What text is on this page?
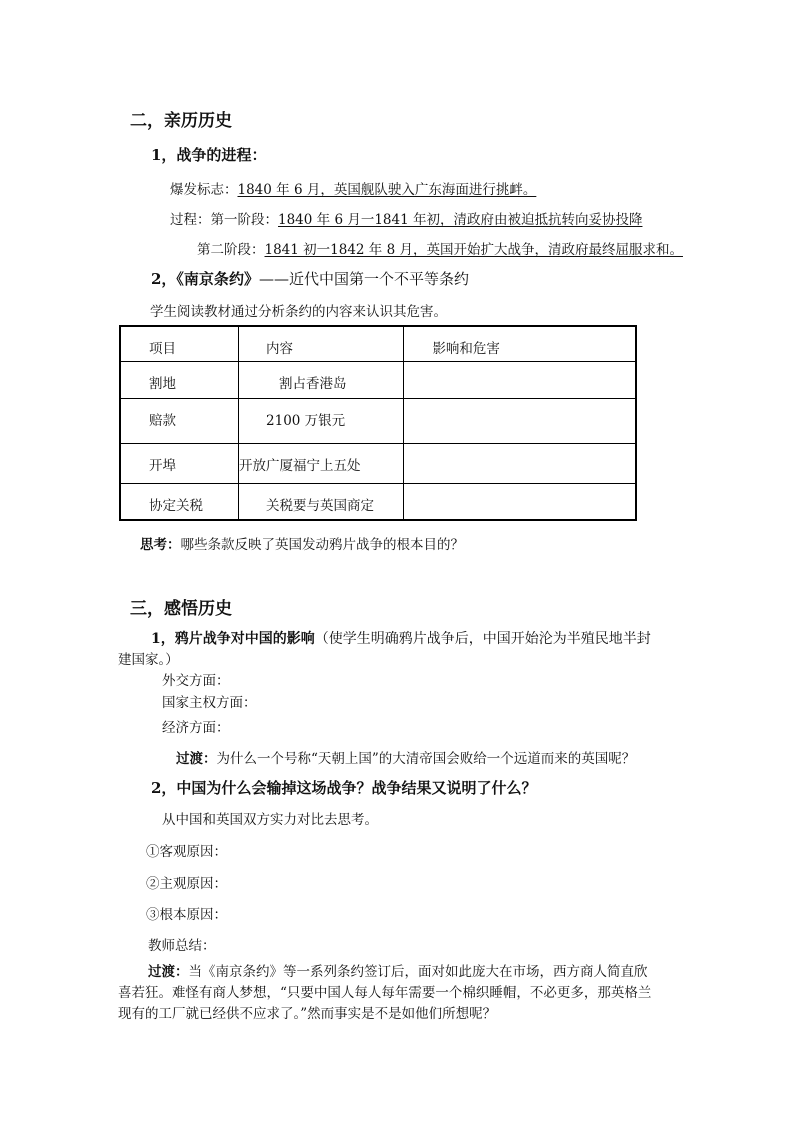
二，亲历历史
1，战争的进程：
爆发标志：1840 年 6 月，英国舰队驶入广东海面进行挑衅。
过程：第一阶段：1840 年 6 月一1841 年初，清政府由被迫抵抗转向妥协投降
第二阶段：1841 初一1842 年 8 月，英国开始扩大战争，清政府最终屈服求和。
2，《南京条约》——近代中国第一个不平等条约
学生阅读教材通过分析条约的内容来认识其危害。
项目	内容	影响和危害
割地	割占香港岛	
赔款	2100 万银元	
开埠	开放广厦福宁上五处	
协定关税	关税要与英国商定	
思考：哪些条款反映了英国发动鸦片战争的根本目的？
三，感悟历史
1，鸦片战争对中国的影响（使学生明确鸦片战争后，中国开始沦为半殖民地半封
建国家。）
外交方面：
国家主权方面：
经济方面：
过渡：为什么一个号称“天朝上国”的大清帝国会败给一个远道而来的英国呢？
2，中国为什么会输掉这场战争？战争结果又说明了什么？
从中国和英国双方实力对比去思考。
①客观原因：
②主观原因：
③根本原因：
教师总结：
过渡：当《南京条约》等一系列条约签订后，面对如此庞大在市场，西方商人简直欣
喜若狂。难怪有商人梦想，“只要中国人每人每年需要一个棉织睡帽，不必更多，那英格兰
现有的工厂就已经供不应求了。”然而事实是不是如他们所想呢？
